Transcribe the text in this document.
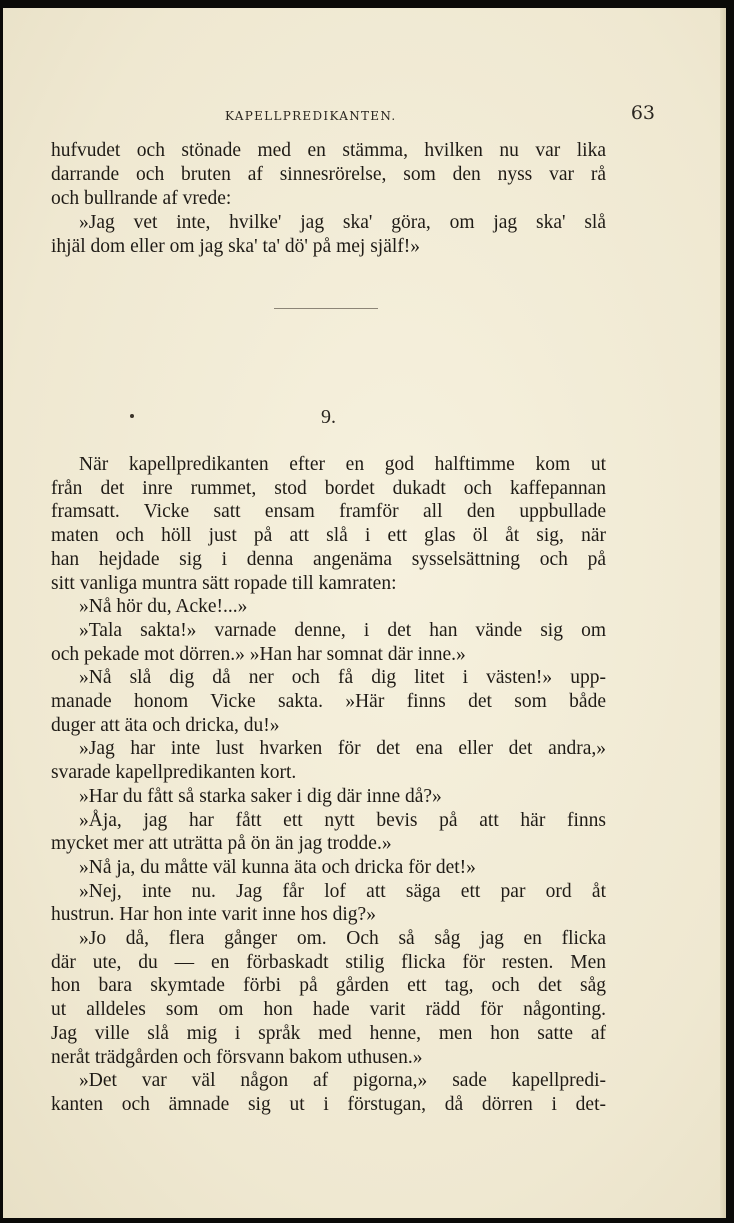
KAPELLPREDIKANTEN.	63
hufvudet och stönade med en stämma, hvilken nu var lika
darrande och bruten af sinnesrörelse, som den nyss var rå
och bullrande af vrede:
»Jag vet inte, hvilke' jag ska' göra, om jag ska' slå
ihjäl dom eller om jag ska' ta' dö' på mej själf!»
9.
När kapellpredikanten efter en god halftimme kom ut
från det inre rummet, stod bordet dukadt och kaffepannan
framsatt. Vicke satt ensam framför all den uppbullade
maten och höll just på att slå i ett glas öl åt sig, när
han hejdade sig i denna angenäma sysselsättning och på
sitt vanliga muntra sätt ropade till kamraten:
»Nå hör du, Acke!...»
»Tala sakta!» varnade denne, i det han vände sig om
och pekade mot dörren.» »Han har somnat där inne.»
»Nå slå dig då ner och få dig litet i västen!» upp-
manade honom Vicke sakta. »Här finns det som både
duger att äta och dricka, du!»
»Jag har inte lust hvarken för det ena eller det andra,»
svarade kapellpredikanten kort.
»Har du fått så starka saker i dig där inne då?»
»Åja, jag har fått ett nytt bevis på att här finns
mycket mer att uträtta på ön än jag trodde.»
»Nå ja, du måtte väl kunna äta och dricka för det!»
»Nej, inte nu. Jag får lof att säga ett par ord åt
hustrun. Har hon inte varit inne hos dig?»
»Jo då, flera gånger om. Och så såg jag en flicka
där ute, du — en förbaskadt stilig flicka för resten. Men
hon bara skymtade förbi på gården ett tag, och det såg
ut alldeles som om hon hade varit rädd för någonting.
Jag ville slå mig i språk med henne, men hon satte af
neråt trädgården och försvann bakom uthusen.»
»Det var väl någon af pigorna,» sade kapellpredi-
kanten och ämnade sig ut i förstugan, då dörren i det-
